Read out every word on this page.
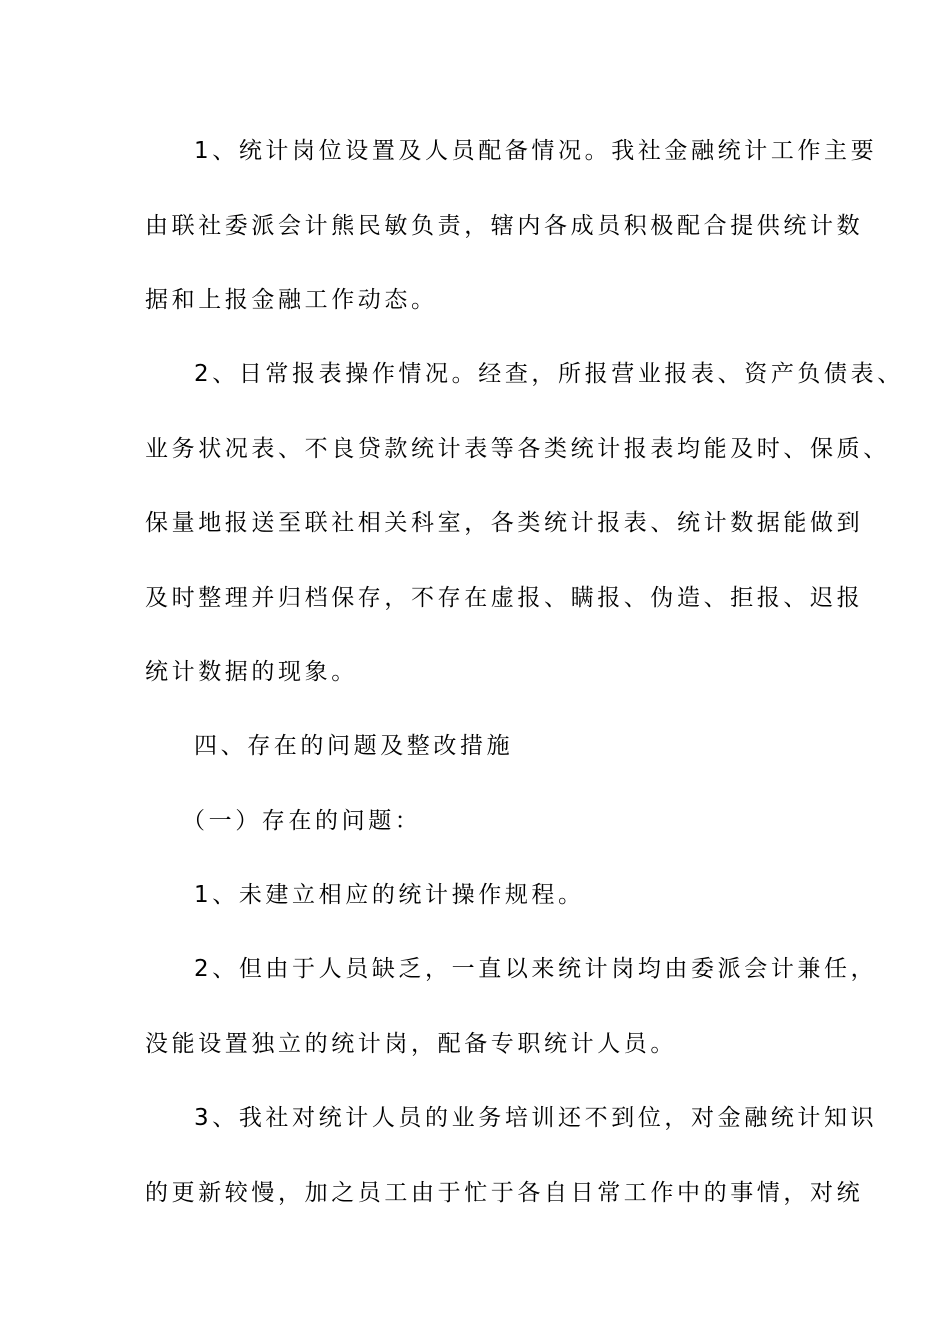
1、统计岗位设置及人员配备情况。我社金融统计工作主要
由联社委派会计熊民敏负责，辖内各成员积极配合提供统计数
据和上报金融工作动态。
2、日常报表操作情况。经查，所报营业报表、资产负债表、
业务状况表、不良贷款统计表等各类统计报表均能及时、保质、
保量地报送至联社相关科室，各类统计报表、统计数据能做到
及时整理并归档保存，不存在虚报、瞒报、伪造、拒报、迟报
统计数据的现象。
四、存在的问题及整改措施
（一）存在的问题：
1、未建立相应的统计操作规程。
2、但由于人员缺乏，一直以来统计岗均由委派会计兼任，
没能设置独立的统计岗，配备专职统计人员。
3、我社对统计人员的业务培训还不到位，对金融统计知识
的更新较慢，加之员工由于忙于各自日常工作中的事情，对统
